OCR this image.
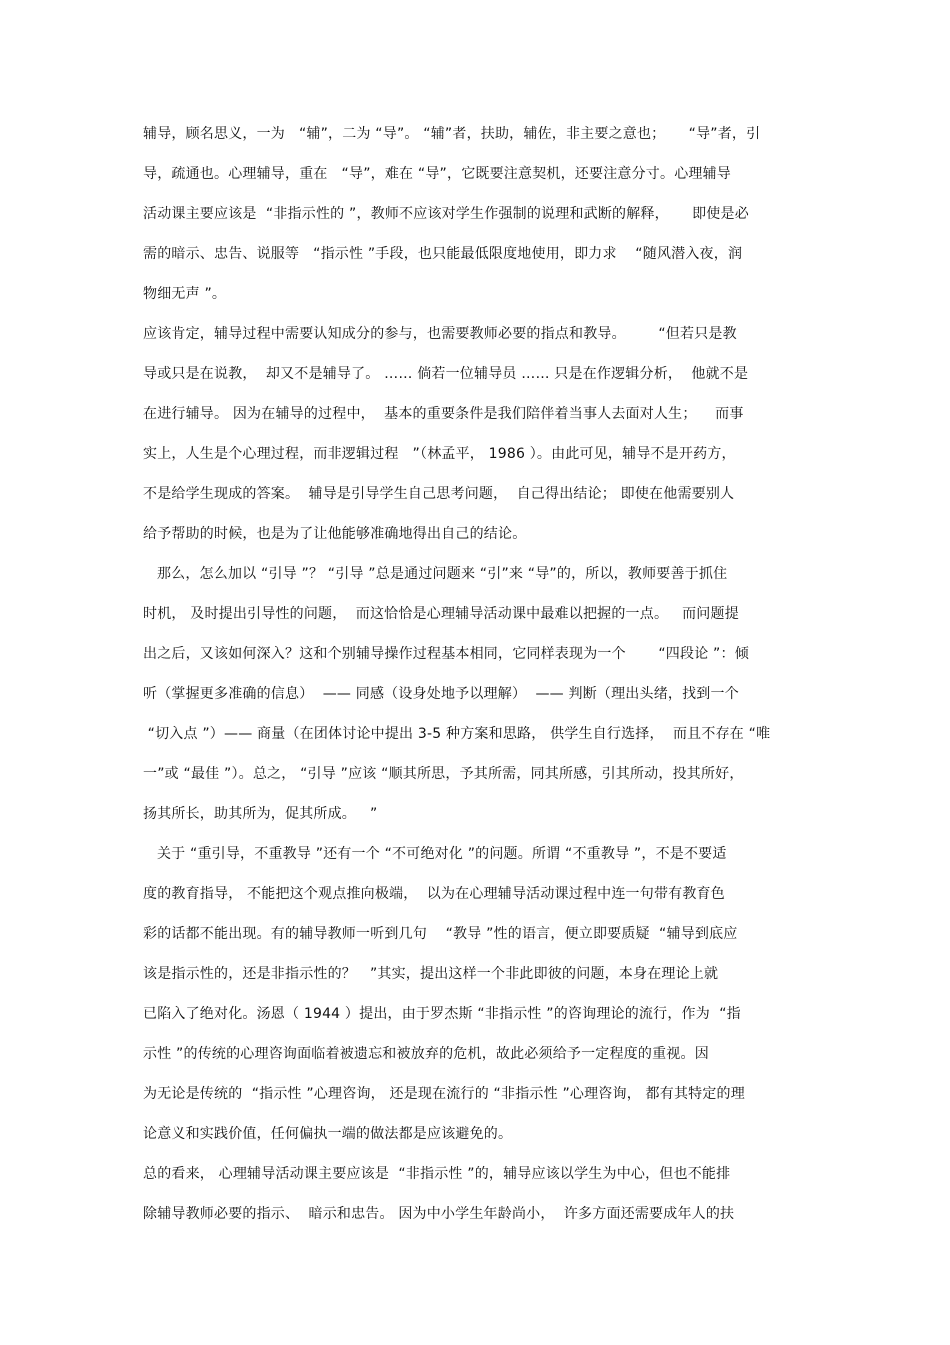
辅导，顾名思义，一为   “辅”，二为 “导”。 “辅”者，扶助，辅佐，非主要之意也；     “导”者，引
导，疏通也。心理辅导，重在   “导”，难在 “导”，它既要注意契机，还要注意分寸。心理辅导
活动课主要应该是  “非指示性的 ”，教师不应该对学生作强制的说理和武断的解释，     即使是必
需的暗示、忠告、说服等   “指示性 ”手段，也只能最低限度地使用，即力求    “随风潜入夜，润
物细无声 ”。
应该肯定，辅导过程中需要认知成分的参与，也需要教师必要的指点和教导。       “但若只是教
导或只是在说教，  却又不是辅导了。 …… 倘若一位辅导员 …… 只是在作逻辑分析，  他就不是
在进行辅导。 因为在辅导的过程中，  基本的重要条件是我们陪伴着当事人去面对人生；    而事
实上，人生是个心理过程，而非逻辑过程   ”（林孟平， 1986 ）。由此可见，辅导不是开药方，
不是给学生现成的答案。  辅导是引导学生自己思考问题，  自己得出结论； 即使在他需要别人
给予帮助的时候，也是为了让他能够准确地得出自己的结论。
那么，怎么加以 “引导 ”？ “引导 ”总是通过问题来 “引”来 “导”的，所以，教师要善于抓住
时机， 及时提出引导性的问题，  而这恰恰是心理辅导活动课中最难以把握的一点。   而问题提
出之后，又该如何深入？这和个别辅导操作过程基本相同，它同样表现为一个       “四段论 ”：倾
听（掌握更多准确的信息）  —— 同感（设身处地予以理解）  —— 判断（理出头绪，找到一个
“切入点 ”）—— 商量（在团体讨论中提出 3-5 种方案和思路， 供学生自行选择，  而且不存在 “唯
一”或 “最佳 ”）。总之， “引导 ”应该 “顺其所思，予其所需，同其所感，引其所动，投其所好，
扬其所长，助其所为，促其所成。   ”
关于 “重引导，不重教导 ”还有一个 “不可绝对化 ”的问题。所谓 “不重教导 ”，不是不要适
度的教育指导， 不能把这个观点推向极端，  以为在心理辅导活动课过程中连一句带有教育色
彩的话都不能出现。有的辅导教师一听到几句    “教导 ”性的语言，便立即要质疑  “辅导到底应
该是指示性的，还是非指示性的？   ”其实，提出这样一个非此即彼的问题，本身在理论上就
已陷入了绝对化。汤恩（ 1944 ）提出，由于罗杰斯 “非指示性 ”的咨询理论的流行，作为  “指
示性 ”的传统的心理咨询面临着被遗忘和被放弃的危机，故此必须给予一定程度的重视。因
为无论是传统的  “指示性 ”心理咨询， 还是现在流行的 “非指示性 ”心理咨询， 都有其特定的理
论意义和实践价值，任何偏执一端的做法都是应该避免的。
总的看来， 心理辅导活动课主要应该是  “非指示性 ”的，辅导应该以学生为中心，但也不能排
除辅导教师必要的指示、  暗示和忠告。 因为中小学生年龄尚小，  许多方面还需要成年人的扶
